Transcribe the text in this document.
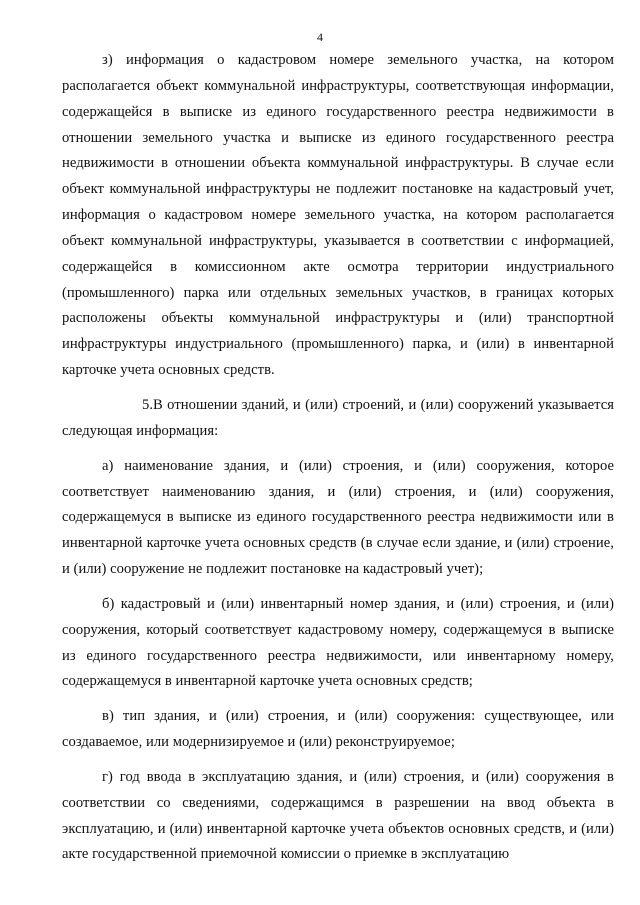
4

з) информация о кадастровом номере земельного участка, на котором располагается объект коммунальной инфраструктуры, соответствующая информации, содержащейся в выписке из единого государственного реестра недвижимости в отношении земельного участка и выписке из единого государственного реестра недвижимости в отношении объекта коммунальной инфраструктуры. В случае если объект коммунальной инфраструктуры не подлежит постановке на кадастровый учет, информация о кадастровом номере земельного участка, на котором располагается объект коммунальной инфраструктуры, указывается в соответствии с информацией, содержащейся в комиссионном акте осмотра территории индустриального (промышленного) парка или отдельных земельных участков, в границах которых расположены объекты коммунальной инфраструктуры и (или) транспортной инфраструктуры индустриального (промышленного) парка, и (или) в инвентарной карточке учета основных средств.

5.В отношении зданий, и (или) строений, и (или) сооружений указывается следующая информация:

а) наименование здания, и (или) строения, и (или) сооружения, которое соответствует наименованию здания, и (или) строения, и (или) сооружения, содержащемуся в выписке из единого государственного реестра недвижимости или в инвентарной карточке учета основных средств (в случае если здание, и (или) строение, и (или) сооружение не подлежит постановке на кадастровый учет);

б) кадастровый и (или) инвентарный номер здания, и (или) строения, и (или) сооружения, который соответствует кадастровому номеру, содержащемуся в выписке из единого государственного реестра недвижимости, или инвентарному номеру, содержащемуся в инвентарной карточке учета основных средств;

в) тип здания, и (или) строения, и (или) сооружения: существующее, или создаваемое, или модернизируемое и (или) реконструируемое;

г) год ввода в эксплуатацию здания, и (или) строения, и (или) сооружения в соответствии со сведениями, содержащимся в разрешении на ввод объекта в эксплуатацию, и (или) инвентарной карточке учета объектов основных средств, и (или) акте государственной приемочной комиссии о приемке в эксплуатацию
